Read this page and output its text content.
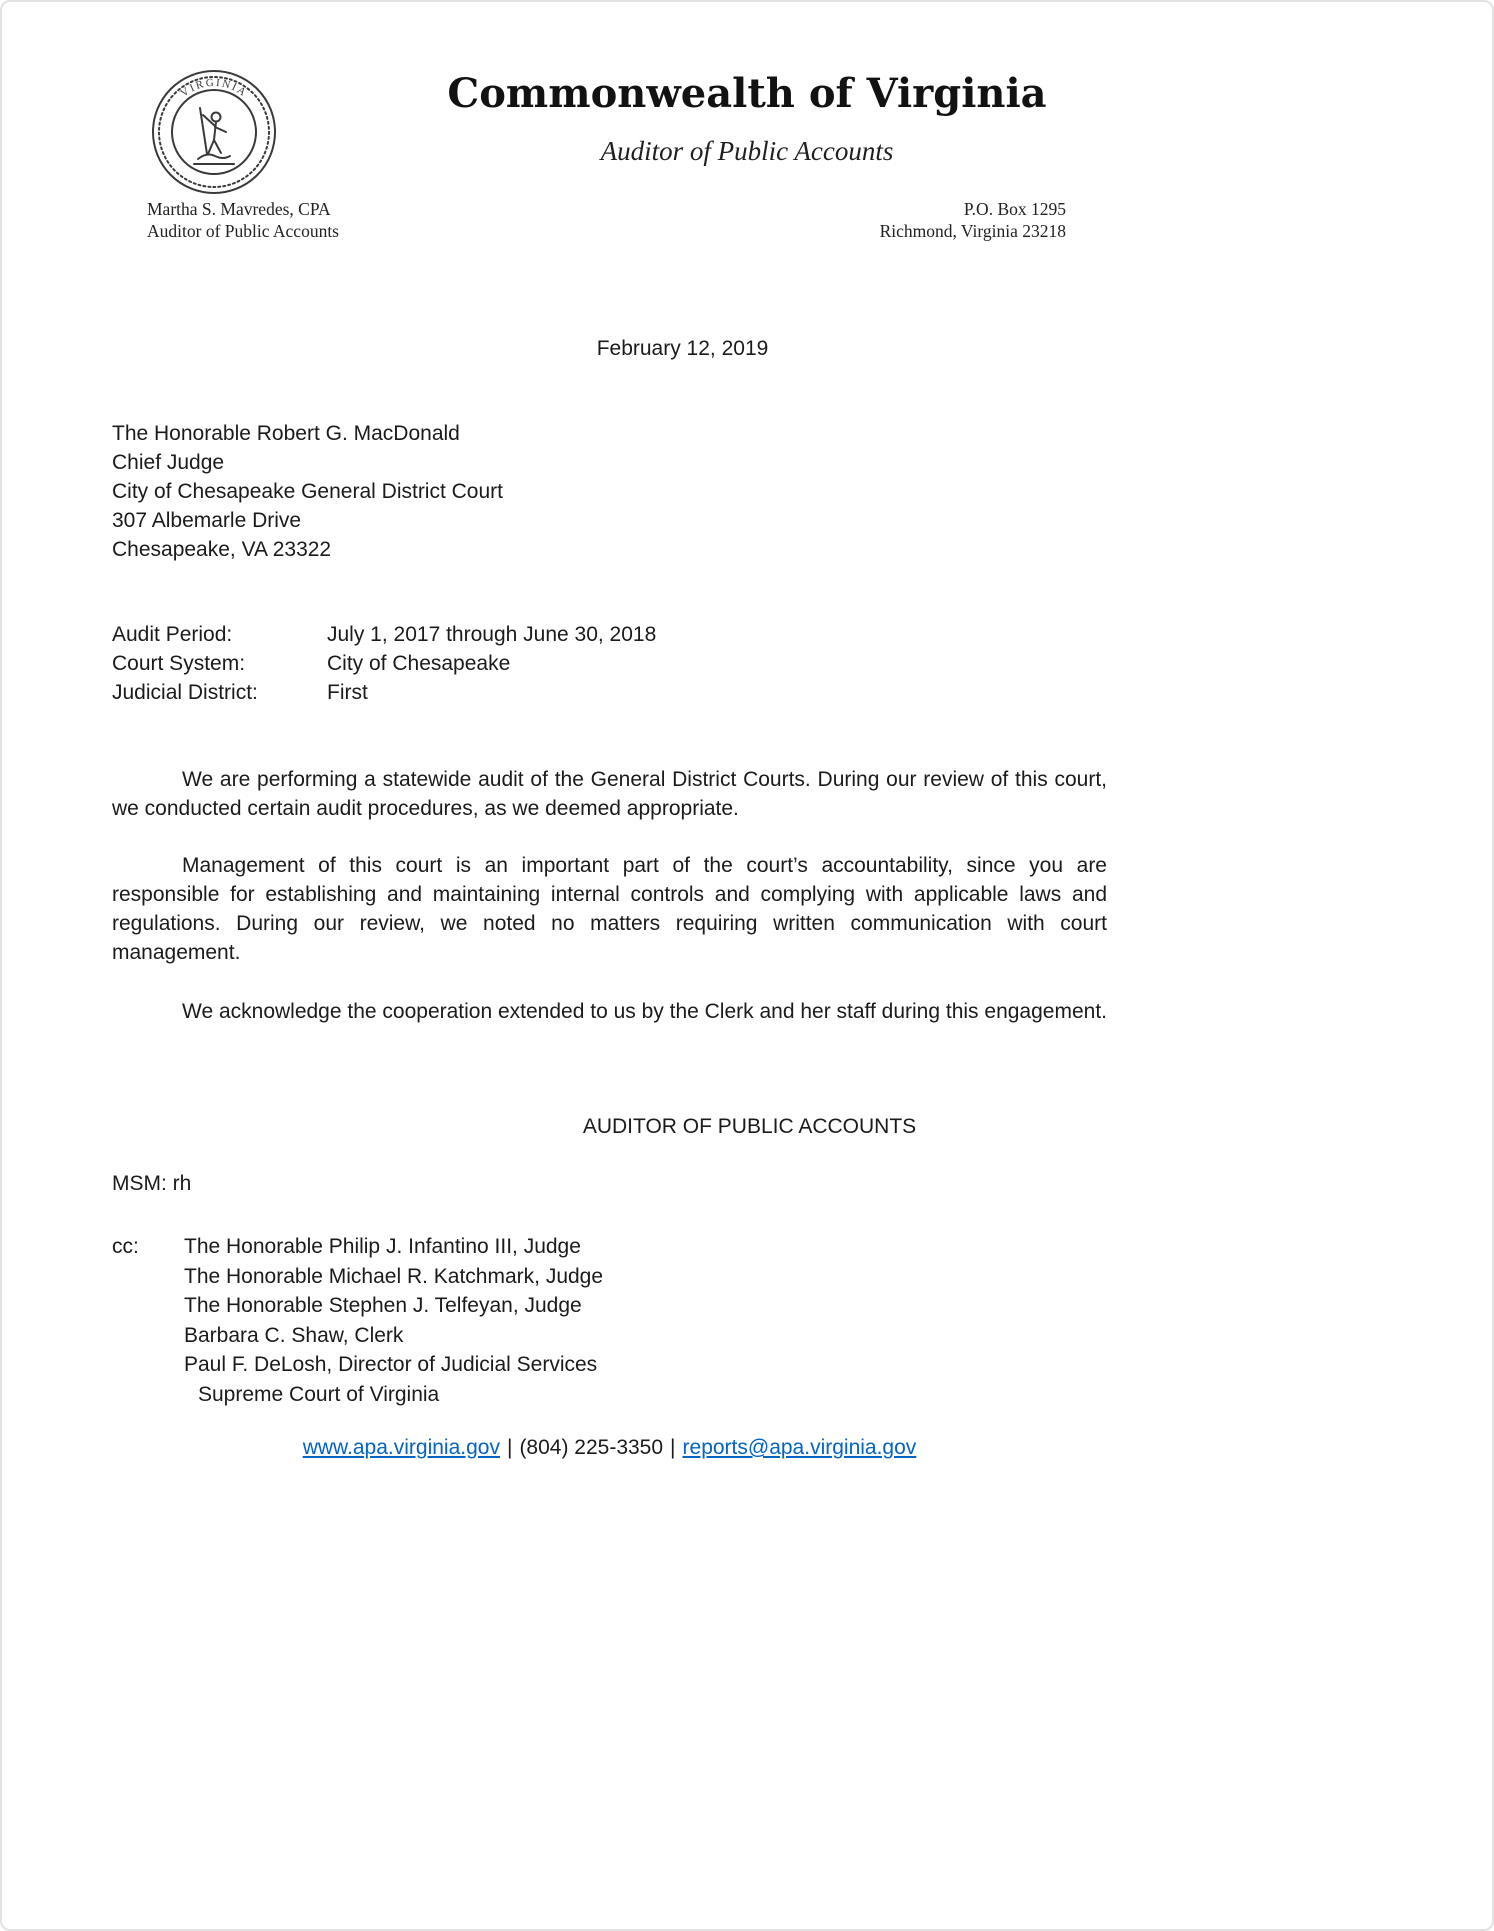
VIRGINIA	Commonwealth of Virginia
Auditor of Public Accounts
Martha S. Mavredes, CPA
Auditor of Public Accounts
P.O. Box 1295
Richmond, Virginia 23218
February 12, 2019
The Honorable Robert G. MacDonald
Chief Judge
City of Chesapeake General District Court
307 Albemarle Drive
Chesapeake, VA 23322
Audit Period:	July 1, 2017 through June 30, 2018
Court System:	City of Chesapeake
Judicial District:	First

We are performing a statewide audit of the General District Courts. During our review of this court, we conducted certain audit procedures, as we deemed appropriate.

Management of this court is an important part of the court’s accountability, since you are responsible for establishing and maintaining internal controls and complying with applicable laws and regulations. During our review, we noted no matters requiring written communication with court management.

We acknowledge the cooperation extended to us by the Clerk and her staff during this engagement.

AUDITOR OF PUBLIC ACCOUNTS
MSM: rh
cc:	The Honorable Philip J. Infantino III, Judge
The Honorable Michael R. Katchmark, Judge
The Honorable Stephen J. Telfeyan, Judge
Barbara C. Shaw, Clerk
Paul F. DeLosh, Director of Judicial Services
Supreme Court of Virginia
www.apa.virginia.gov | (804) 225-3350 | reports@apa.virginia.gov
